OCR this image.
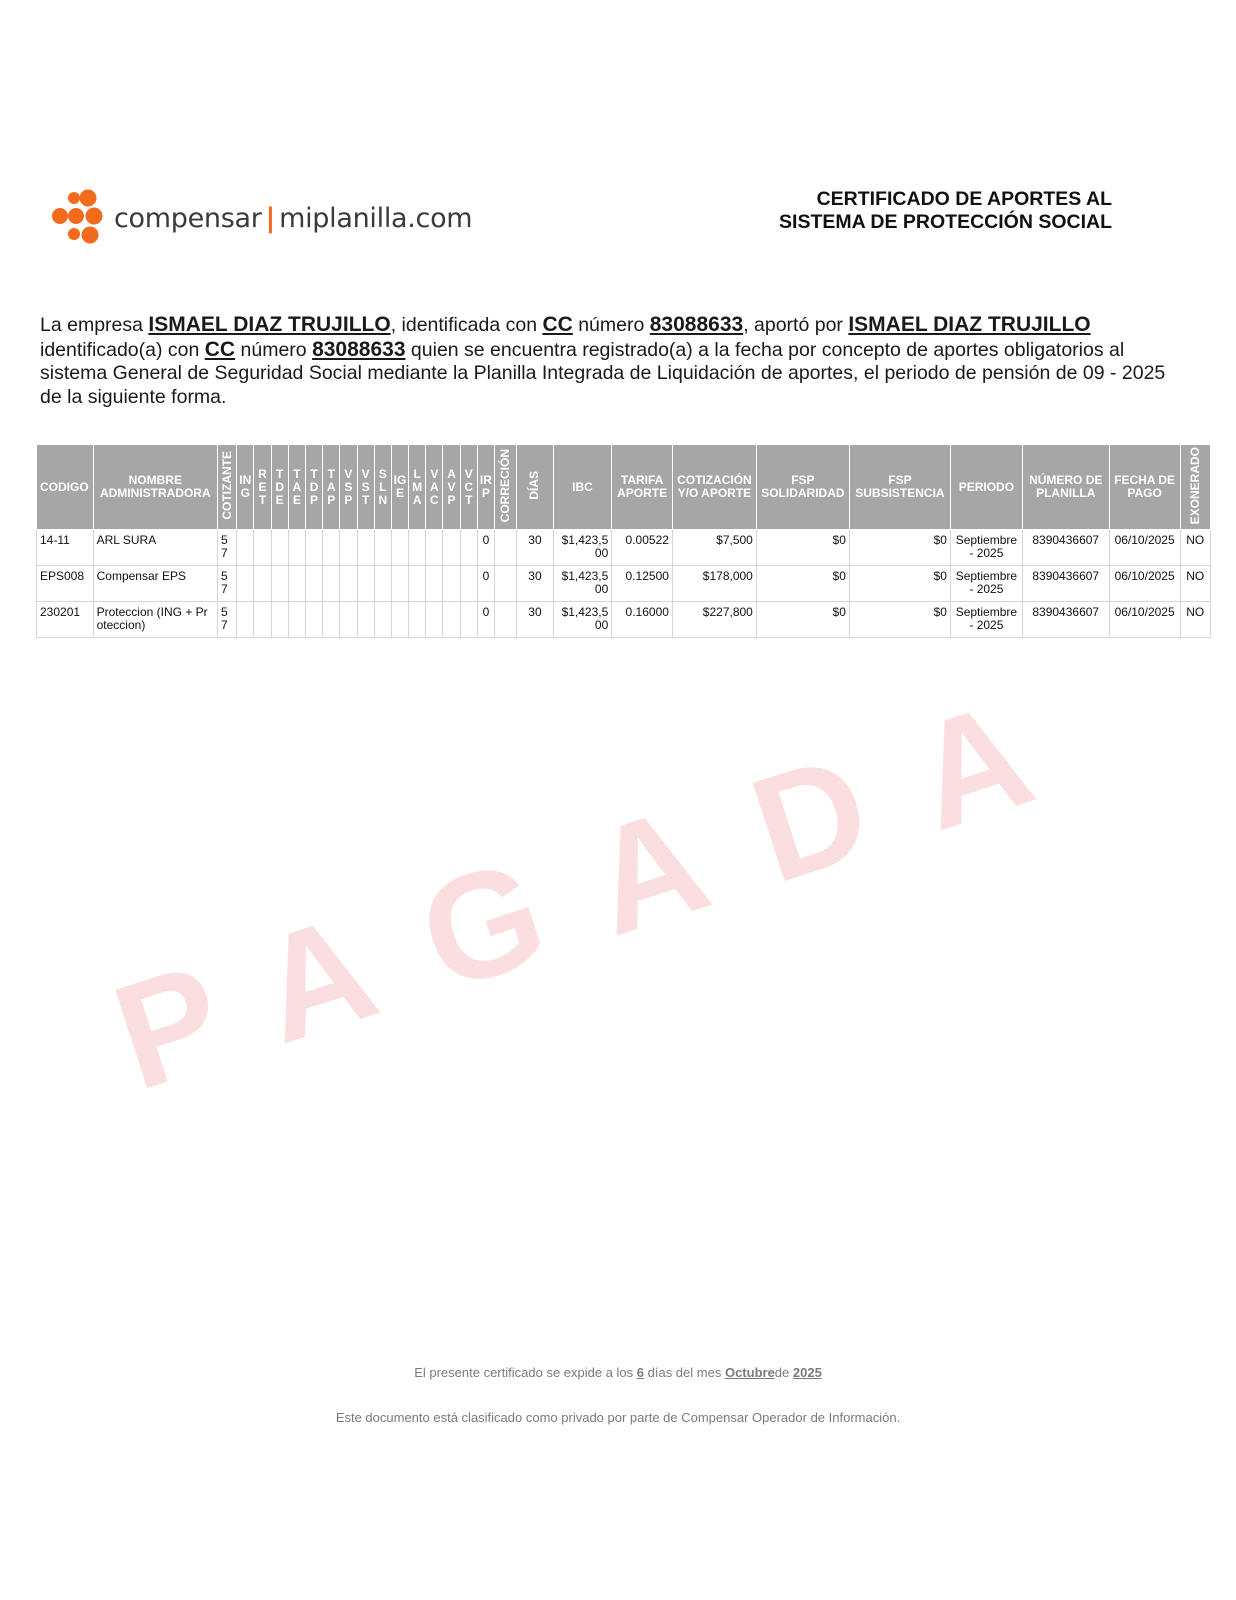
compensar | miplanilla.com
CERTIFICADO DE APORTES AL
SISTEMA DE PROTECCIÓN SOCIAL
La empresa ISMAEL DIAZ TRUJILLO, identificada con CC número 83088633, aportó por ISMAEL DIAZ TRUJILLO identificado(a) con CC número 83088633 quien se encuentra registrado(a) a la fecha por concepto de aportes obligatorios al sistema General de Seguridad Social mediante la Planilla Integrada de Liquidación de aportes, el periodo de pensión de 09 - 2025 de la siguiente forma.
CODIGO	NOMBRE ADMINISTRADORA	COTIZANTE	ING	RET	TDE	TAE	TDP	TAP	VSP	VST	SLN	IGE	LMA	VAC	AVP	VCT	IRP	CORRECIÓN	DÍAS	IBC	TARIFA APORTE	COTIZACIÓN Y/O APORTE	FSP SOLIDARIDAD	FSP SUBSISTENCIA	PERIODO	NÚMERO DE PLANILLA	FECHA DE PAGO	EXONERADO
14-11	ARL SURA	57															0		30	$1,423,500	0.00522	$7,500	$0	$0	Septiembre - 2025	8390436607	06/10/2025	NO
EPS008	Compensar EPS	57															0		30	$1,423,500	0.12500	$178,000	$0	$0	Septiembre - 2025	8390436607	06/10/2025	NO
230201	Proteccion (ING + Proteccion)	57															0		30	$1,423,500	0.16000	$227,800	$0	$0	Septiembre - 2025	8390436607	06/10/2025	NO
PAGADA
El presente certificado se expide a los 6 días del mes Octubrede 2025
Este documento está clasificado como privado por parte de Compensar Operador de Información.
